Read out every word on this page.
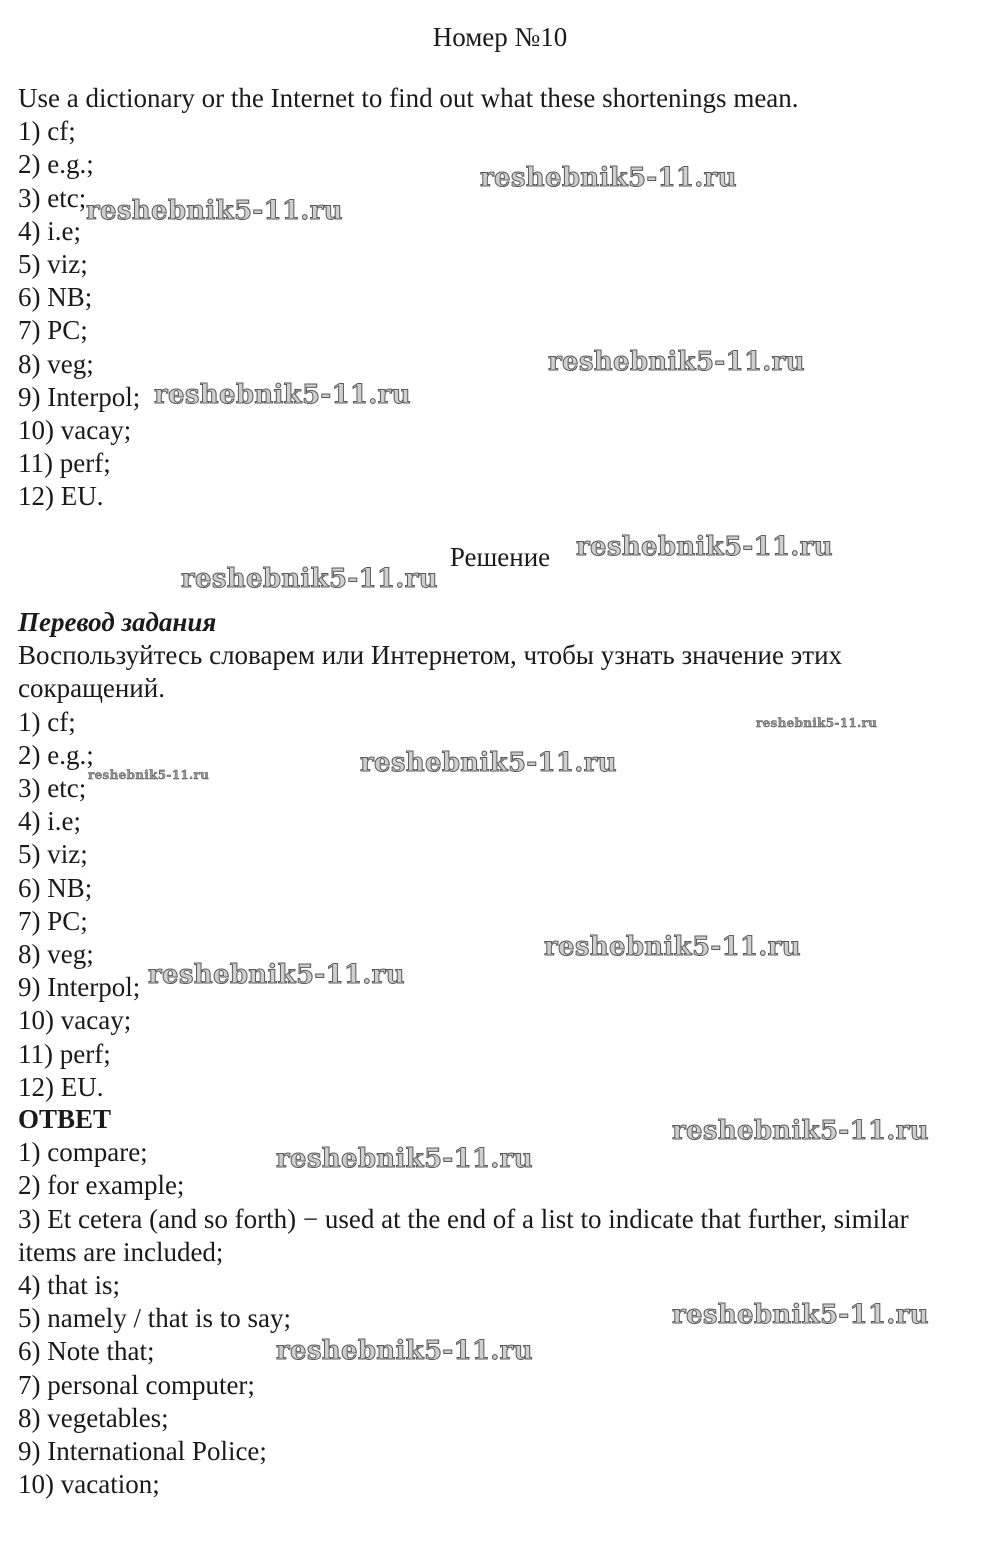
Номер №10
Use a dictionary or the Internet to find out what these shortenings mean.
1) cf;
2) e.g.;
3) etc;
4) i.e;
5) viz;
6) NB;
7) PC;
8) veg;
9) Interpol;
10) vacay;
11) perf;
12) EU.
Решение
Перевод задания
Воспользуйтесь словарем или Интернетом, чтобы узнать значение этих сокращений.
1) cf;
2) e.g.;
3) etc;
4) i.e;
5) viz;
6) NB;
7) PC;
8) veg;
9) Interpol;
10) vacay;
11) perf;
12) EU.
ОТВЕТ
1) compare;
2) for example;
3) Et cetera (and so forth) − used at the end of a list to indicate that further, similar items are included;
4) that is;
5) namely / that is to say;
6) Note that;
7) personal computer;
8) vegetables;
9) International Police;
10) vacation;
reshebnik5-11.ru
reshebnik5-11.ru
reshebnik5-11.ru
reshebnik5-11.ru
reshebnik5-11.ru
reshebnik5-11.ru
reshebnik5-11.ru
reshebnik5-11.ru
reshebnik5-11.ru
reshebnik5-11.ru
reshebnik5-11.ru
reshebnik5-11.ru
reshebnik5-11.ru
reshebnik5-11.ru
reshebnik5-11.ru
